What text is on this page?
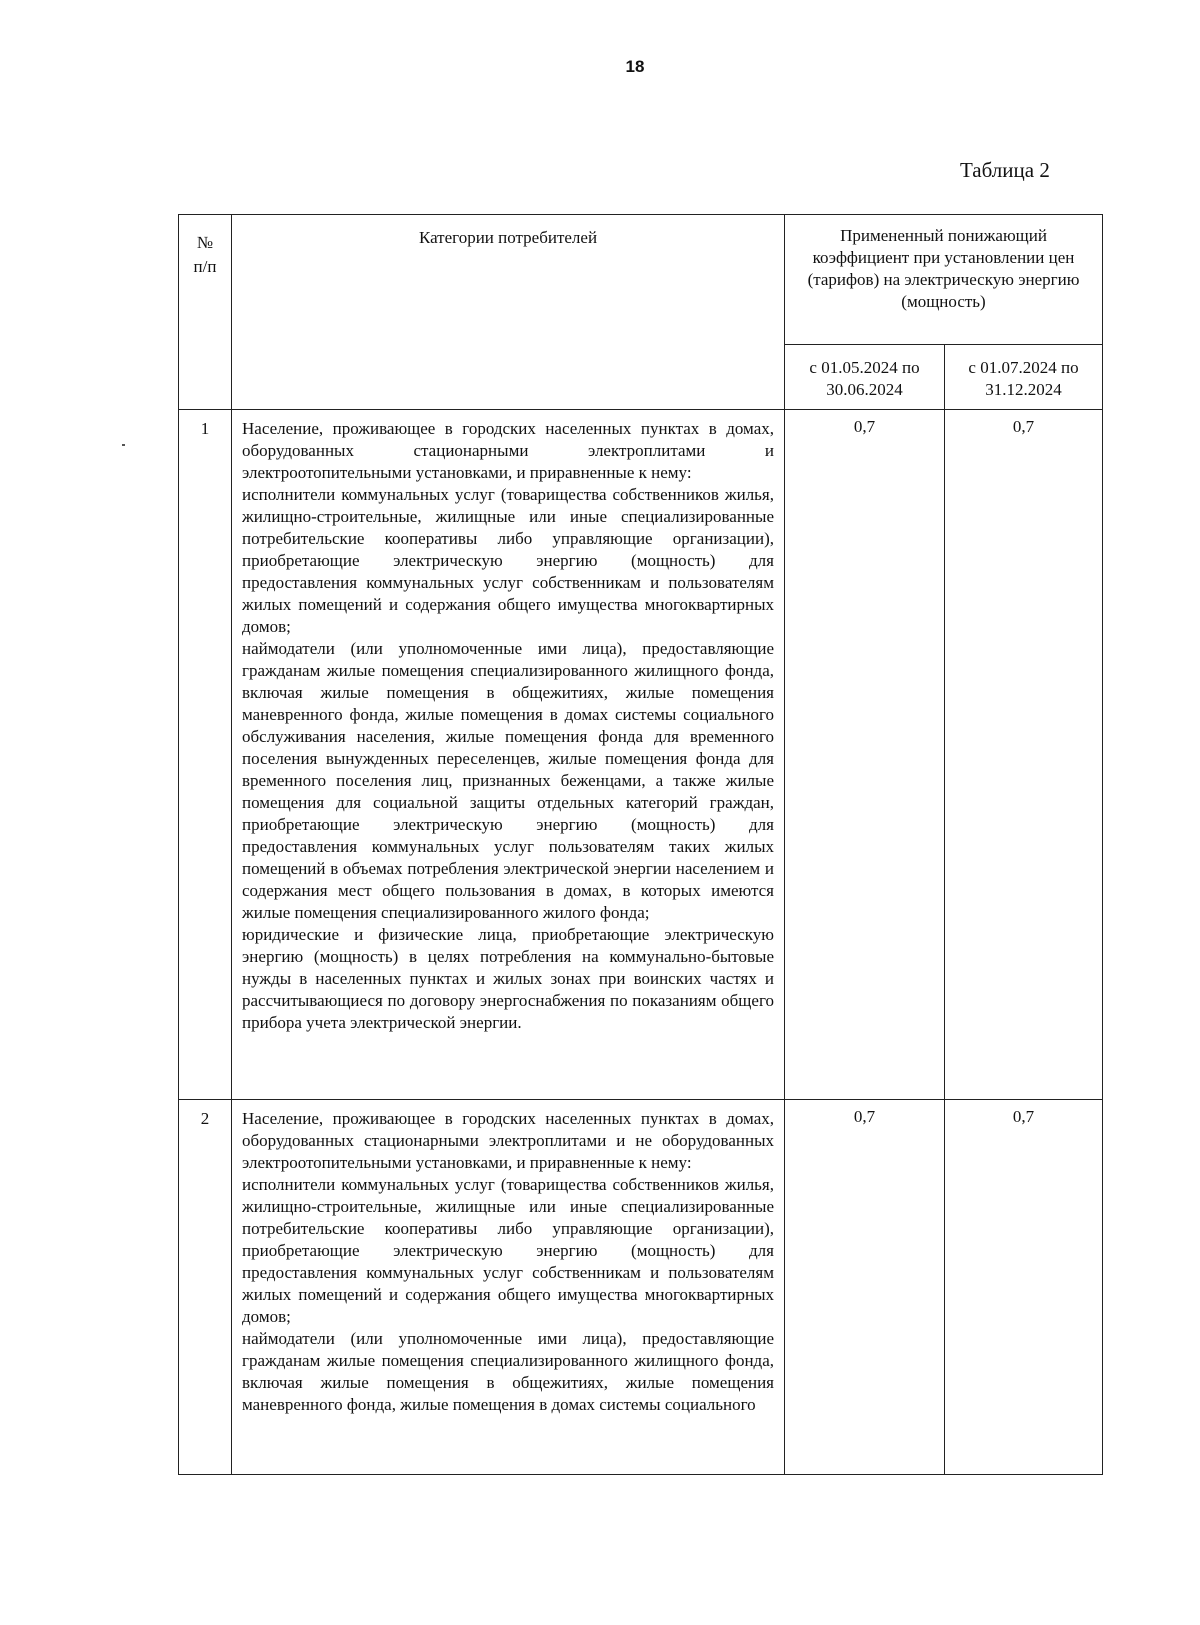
18
Таблица 2
№
п/п	Категории потребителей	Примененный понижающий коэффициент при установлении цен (тарифов) на электрическую энергию (мощность)	
		с 01.05.2024 по 30.06.2024	с 01.07.2024 по 31.12.2024
1	Население, проживающее в городских населенных пунктах в домах, оборудованных стационарными электроплитами и электроотопительными установками, и приравненные к нему:
исполнители коммунальных услуг (товарищества собственников жилья, жилищно-строительные, жилищные или иные специализированные потребительские кооперативы либо управляющие организации), приобретающие электрическую энергию (мощность) для предоставления коммунальных услуг собственникам и пользователям жилых помещений и содержания общего имущества многоквартирных домов;
наймодатели (или уполномоченные ими лица), предоставляющие гражданам жилые помещения специализированного жилищного фонда, включая жилые помещения в общежитиях, жилые помещения маневренного фонда, жилые помещения в домах системы социального обслуживания населения, жилые помещения фонда для временного поселения вынужденных переселенцев, жилые помещения фонда для временного поселения лиц, признанных беженцами, а также жилые помещения для социальной защиты отдельных категорий граждан, приобретающие электрическую энергию (мощность) для предоставления коммунальных услуг пользователям таких жилых помещений в объемах потребления электрической энергии населением и содержания мест общего пользования в домах, в которых имеются жилые помещения специализированного жилого фонда;
юридические и физические лица, приобретающие электрическую энергию (мощность) в целях потребления на коммунально-бытовые нужды в населенных пунктах и жилых зонах при воинских частях и рассчитывающиеся по договору энергоснабжения по показаниям общего прибора учета электрической энергии.	0,7	0,7
2	Население, проживающее в городских населенных пунктах в домах, оборудованных стационарными электроплитами и не оборудованных электроотопительными установками, и приравненные к нему:
исполнители коммунальных услуг (товарищества собственников жилья, жилищно-строительные, жилищные или иные специализированные потребительские кооперативы либо управляющие организации), приобретающие электрическую энергию (мощность) для предоставления коммунальных услуг собственникам и пользователям жилых помещений и содержания общего имущества многоквартирных домов;
наймодатели (или уполномоченные ими лица), предоставляющие гражданам жилые помещения специализированного жилищного фонда, включая жилые помещения в общежитиях, жилые помещения маневренного фонда, жилые помещения в домах системы социального	0,7	0,7
